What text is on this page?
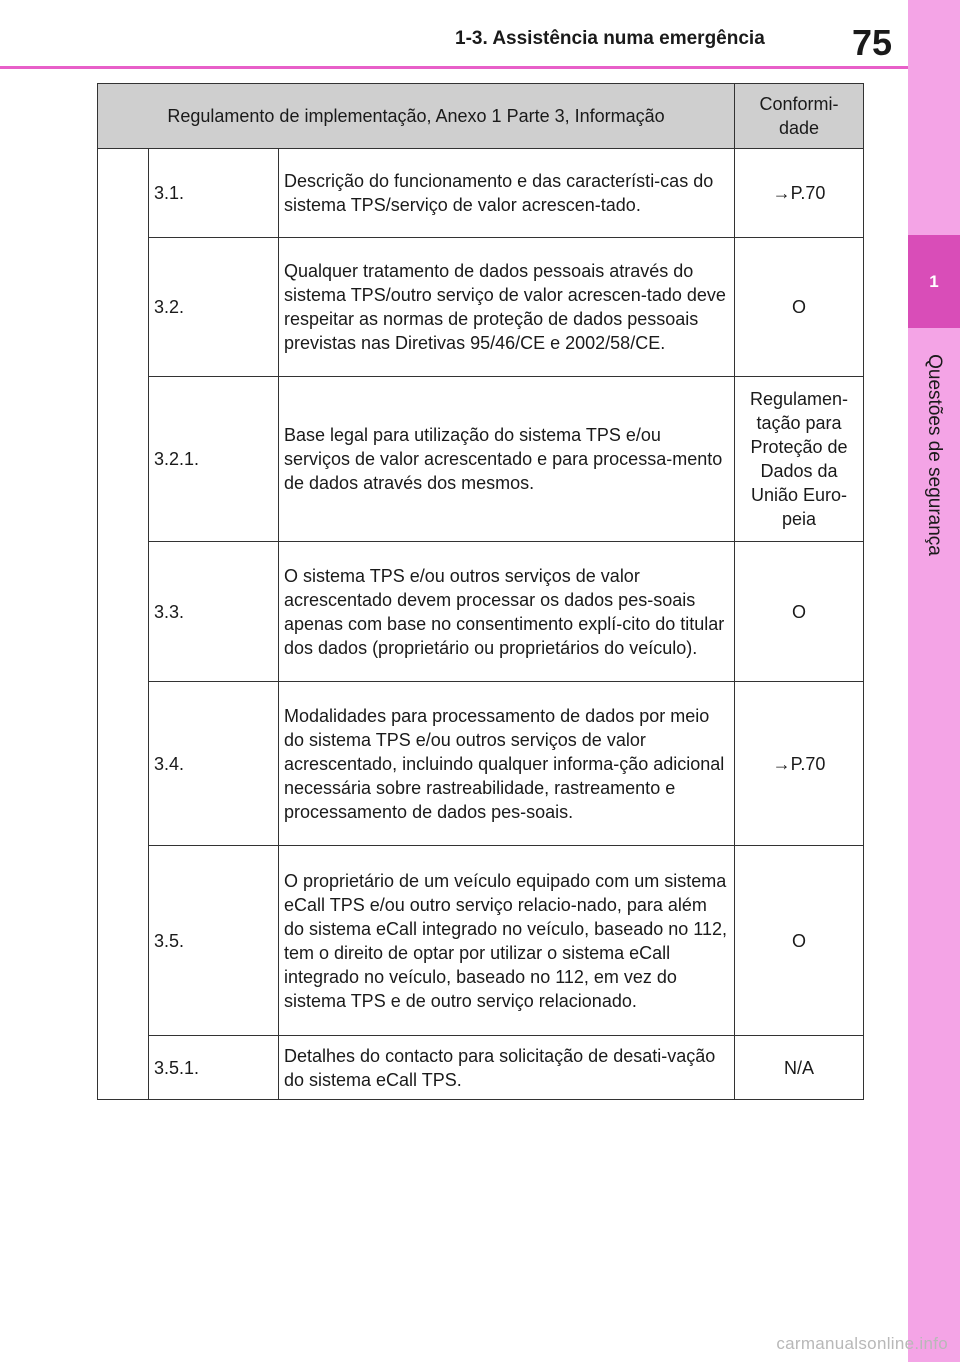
1-3. Assistência numa emergência 75
1
Questões de segurança
Regulamento de implementação, Anexo 1 Parte 3, Informação			Conformi-dade
	3.1.	Descrição do funcionamento e das característi-cas do sistema TPS/serviço de valor acrescen-tado.	→P.70
	3.2.	Qualquer tratamento de dados pessoais através do sistema TPS/outro serviço de valor acrescen-tado deve respeitar as normas de proteção de dados pessoais previstas nas Diretivas 95/46/CE e 2002/58/CE.	O
	3.2.1.	Base legal para utilização do sistema TPS e/ou serviços de valor acrescentado e para processa-mento de dados através dos mesmos.	Regulamen-tação para Proteção de Dados da União Euro-peia
	3.3.	O sistema TPS e/ou outros serviços de valor acrescentado devem processar os dados pes-soais apenas com base no consentimento explí-cito do titular dos dados (proprietário ou proprietários do veículo).	O
	3.4.	Modalidades para processamento de dados por meio do sistema TPS e/ou outros serviços de valor acrescentado, incluindo qualquer informa-ção adicional necessária sobre rastreabilidade, rastreamento e processamento de dados pes-soais.	→P.70
	3.5.	O proprietário de um veículo equipado com um sistema eCall TPS e/ou outro serviço relacio-nado, para além do sistema eCall integrado no veículo, baseado no 112, tem o direito de optar por utilizar o sistema eCall integrado no veículo, baseado no 112, em vez do sistema TPS e de outro serviço relacionado.	O
	3.5.1.	Detalhes do contacto para solicitação de desati-vação do sistema eCall TPS.	N/A
carmanualsonline.info
